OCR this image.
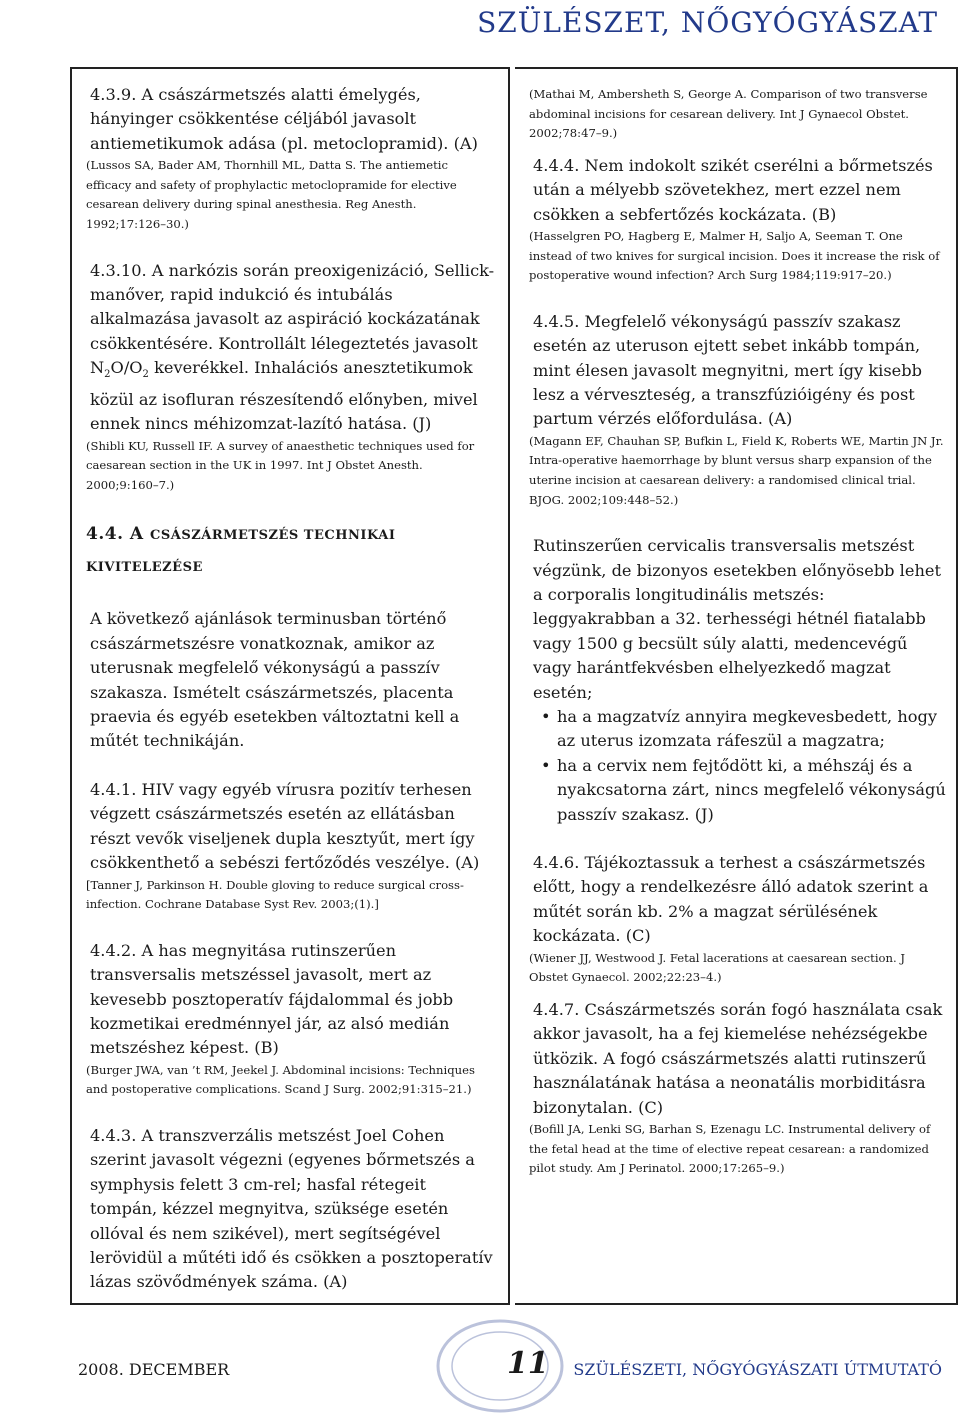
SZÜLÉSZET, NŐGYÓGYÁSZAT

4.3.9. A császármetszés alatti émelygés, hányinger csökkentése céljából javasolt antiemetikumok adása (pl. metoclopramid). (A)

(Lussos SA, Bader AM, Thornhill ML, Datta S. The antiemetic efficacy and safety of prophylactic metoclopramide for elective cesarean delivery during spinal anesthesia. Reg Anesth. 1992;17:126–30.)

4.3.10. A narkózis során preoxigenizáció, Sellick-manőver, rapid indukció és intubálás alkalmazása javasolt az aspiráció kockázatának csökkentésére. Kontrollált lélegeztetés javasolt $N_2O/O_2$ keverékkel. Inhalációs anesztetikumok közül az isofluran részesítendő előnyben, mivel ennek nincs méhizomzat-lazító hatása. (J)

(Shibli KU, Russell IF. A survey of anaesthetic techniques used for caesarean section in the UK in 1997. Int J Obstet Anesth. 2000;9:160–7.)

4.4. A CSÁSZÁRMETSZÉS TECHNIKAI KIVITELEZÉSE

A következő ajánlások terminusban történő császármetszésre vonatkoznak, amikor az uterusnak megfelelő vékonyságú a passzív szakasza. Ismételt császármetszés, placenta praevia és egyéb esetekben változtatni kell a műtét technikáján.

4.4.1. HIV vagy egyéb vírusra pozitív terhesen végzett császármetszés esetén az ellátásban részt vevők viseljenek dupla kesztyűt, mert így csökkenthető a sebészi fertőződés veszélye. (A)

[Tanner J, Parkinson H. Double gloving to reduce surgical cross-infection. Cochrane Database Syst Rev. 2003;(1).]

4.4.2. A has megnyitása rutinszerűen transversalis metszéssel javasolt, mert az kevesebb posztoperatív fájdalommal és jobb kozmetikai eredménnyel jár, az alsó medián metszéshez képest. (B)

(Burger JWA, van ’t RM, Jeekel J. Abdominal incisions: Techniques and postoperative complications. Scand J Surg. 2002;91:315–21.)

4.4.3. A transzverzális metszést Joel Cohen szerint javasolt végezni (egyenes bőrmetszés a symphysis felett 3 cm-rel; hasfal rétegeit tompán, kézzel megnyitva, szüksége esetén ollóval és nem szikével), mert segítségével lerövidül a műtéti idő és csökken a posztoperatív lázas szövődmények száma. (A)

(Mathai M, Ambersheth S, George A. Comparison of two transverse abdominal incisions for cesarean delivery. Int J Gynaecol Obstet. 2002;78:47–9.)

4.4.4. Nem indokolt szikét cserélni a bőrmetszés után a mélyebb szövetekhez, mert ezzel nem csökken a sebfertőzés kockázata. (B)

(Hasselgren PO, Hagberg E, Malmer H, Saljo A, Seeman T. One instead of two knives for surgical incision. Does it increase the risk of postoperative wound infection? Arch Surg 1984;119:917–20.)

4.4.5. Megfelelő vékonyságú passzív szakasz esetén az uteruson ejtett sebet inkább tompán, mint élesen javasolt megnyitni, mert így kisebb lesz a vérveszteség, a transzfúzióigény és post partum vérzés előfordulása. (A)

(Magann EF, Chauhan SP, Bufkin L, Field K, Roberts WE, Martin JN Jr. Intra-operative haemorrhage by blunt versus sharp expansion of the uterine incision at caesarean delivery: a randomised clinical trial. BJOG. 2002;109:448–52.)

Rutinszerűen cervicalis transversalis metszést végzünk, de bizonyos esetekben előnyösebb lehet a corporalis longitudinális metszés: leggyakrabban a 32. terhességi hétnél fiatalabb vagy 1500 g becsült súly alatti, medencevégű vagy harántfekvésben elhelyezkedő magzat esetén;

• ha a magzatvíz annyira megkevesbedett, hogy az uterus izomzata ráfeszül a magzatra;
• ha a cervix nem fejtődött ki, a méhszáj és a nyakcsatorna zárt, nincs megfelelő vékonyságú passzív szakasz. (J)

4.4.6. Tájékoztassuk a terhest a császármetszés előtt, hogy a rendelkezésre álló adatok szerint a műtét során kb. 2% a magzat sérülésének kockázata. (C)

(Wiener JJ, Westwood J. Fetal lacerations at caesarean section. J Obstet Gynaecol. 2002;22:23–4.)

4.4.7. Császármetszés során fogó használata csak akkor javasolt, ha a fej kiemelése nehézségekbe ütközik. A fogó császármetszés alatti rutinszerű használatának hatása a neonatális morbiditásra bizonytalan. (C)

(Bofill JA, Lenki SG, Barhan S, Ezenagu LC. Instrumental delivery of the fetal head at the time of elective repeat cesarean: a randomized pilot study. Am J Perinatol. 2000;17:265–9.)

2008. DECEMBER	11 SZÜLÉSZETI, NŐGYÓGYÁSZATI ÚTMUTATÓ
